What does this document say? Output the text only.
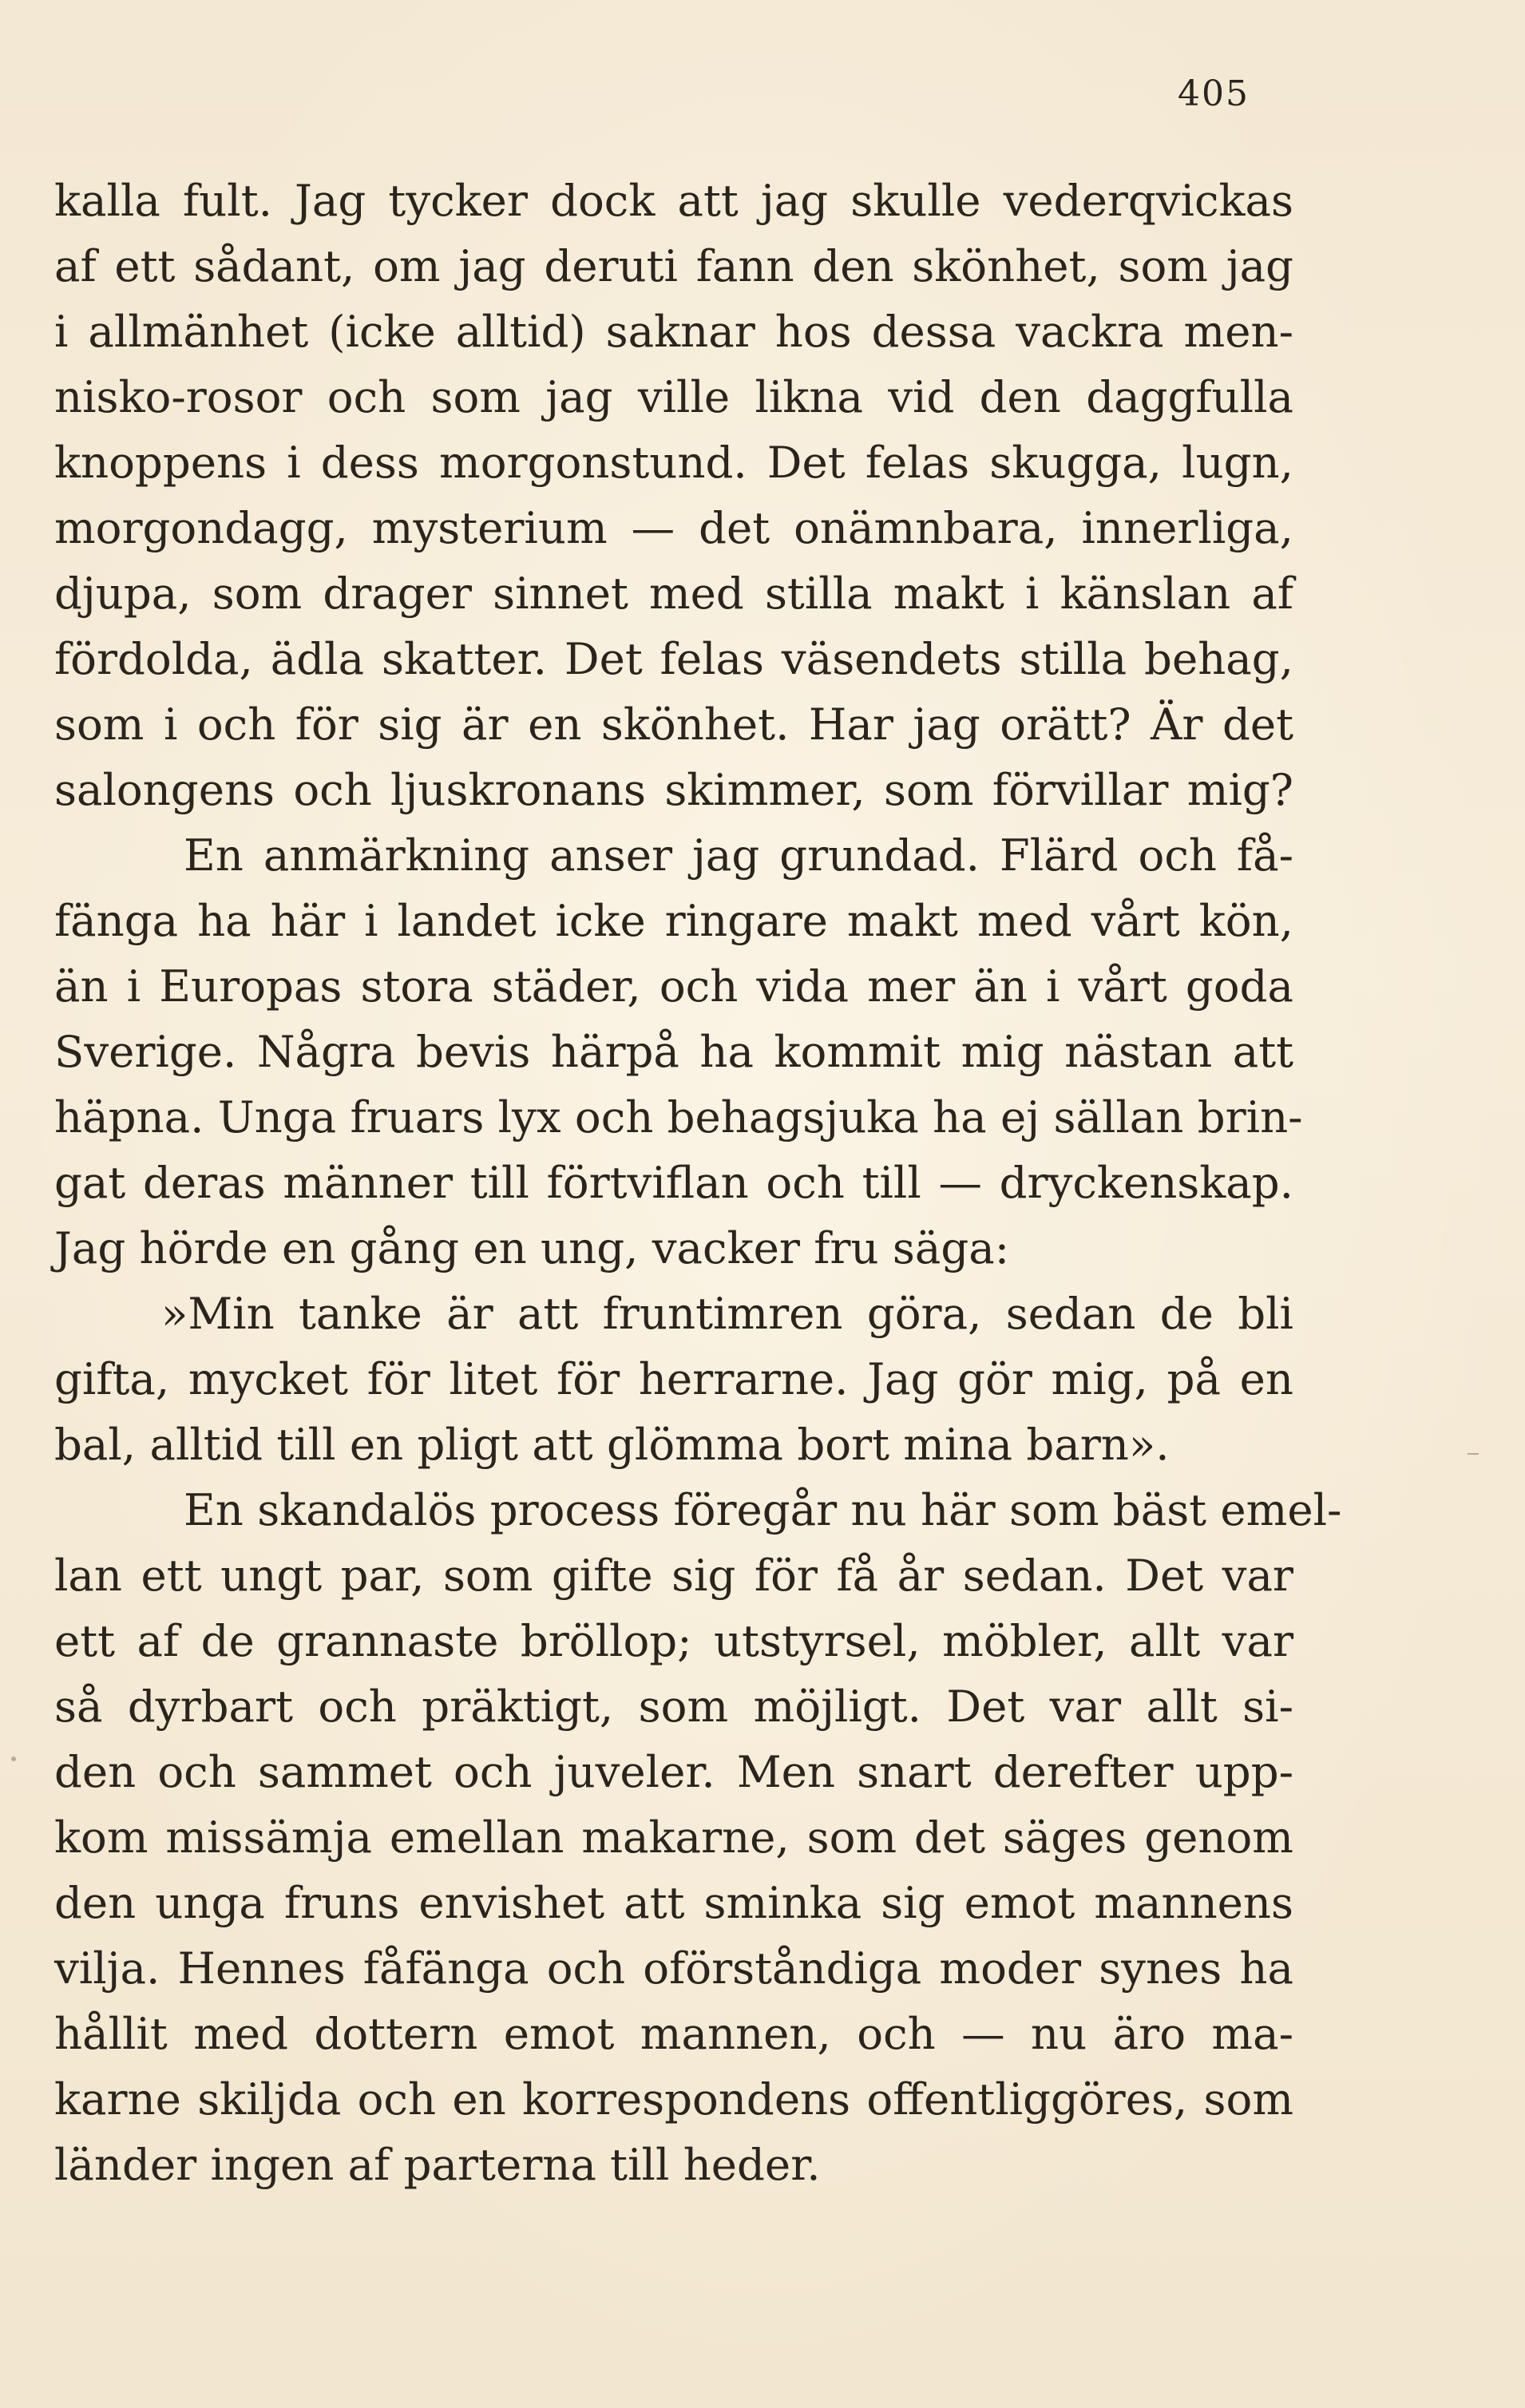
405
kalla fult. Jag tycker dock att jag skulle vederqvickas
af ett sådant, om jag deruti fann den skönhet, som jag
i allmänhet (icke alltid) saknar hos dessa vackra men-
nisko-rosor och som jag ville likna vid den daggfulla
knoppens i dess morgonstund. Det felas skugga, lugn,
morgondagg, mysterium — det onämnbara, innerliga,
djupa, som drager sinnet med stilla makt i känslan af
fördolda, ädla skatter. Det felas väsendets stilla behag,
som i och för sig är en skönhet. Har jag orätt? Är det
salongens och ljuskronans skimmer, som förvillar mig?
En anmärkning anser jag grundad. Flärd och få-
fänga ha här i landet icke ringare makt med vårt kön,
än i Europas stora städer, och vida mer än i vårt goda
Sverige. Några bevis härpå ha kommit mig nästan att
häpna. Unga fruars lyx och behagsjuka ha ej sällan brin-
gat deras männer till förtviflan och till — dryckenskap.
Jag hörde en gång en ung, vacker fru säga:
»Min tanke är att fruntimren göra, sedan de bli
gifta, mycket för litet för herrarne. Jag gör mig, på en
bal, alltid till en pligt att glömma bort mina barn».
En skandalös process föregår nu här som bäst emel-
lan ett ungt par, som gifte sig för få år sedan. Det var
ett af de grannaste bröllop; utstyrsel, möbler, allt var
så dyrbart och präktigt, som möjligt. Det var allt si-
den och sammet och juveler. Men snart derefter upp-
kom missämja emellan makarne, som det säges genom
den unga fruns envishet att sminka sig emot mannens
vilja. Hennes fåfänga och oförståndiga moder synes ha
hållit med dottern emot mannen, och — nu äro ma-
karne skiljda och en korrespondens offentliggöres, som
länder ingen af parterna till heder.
